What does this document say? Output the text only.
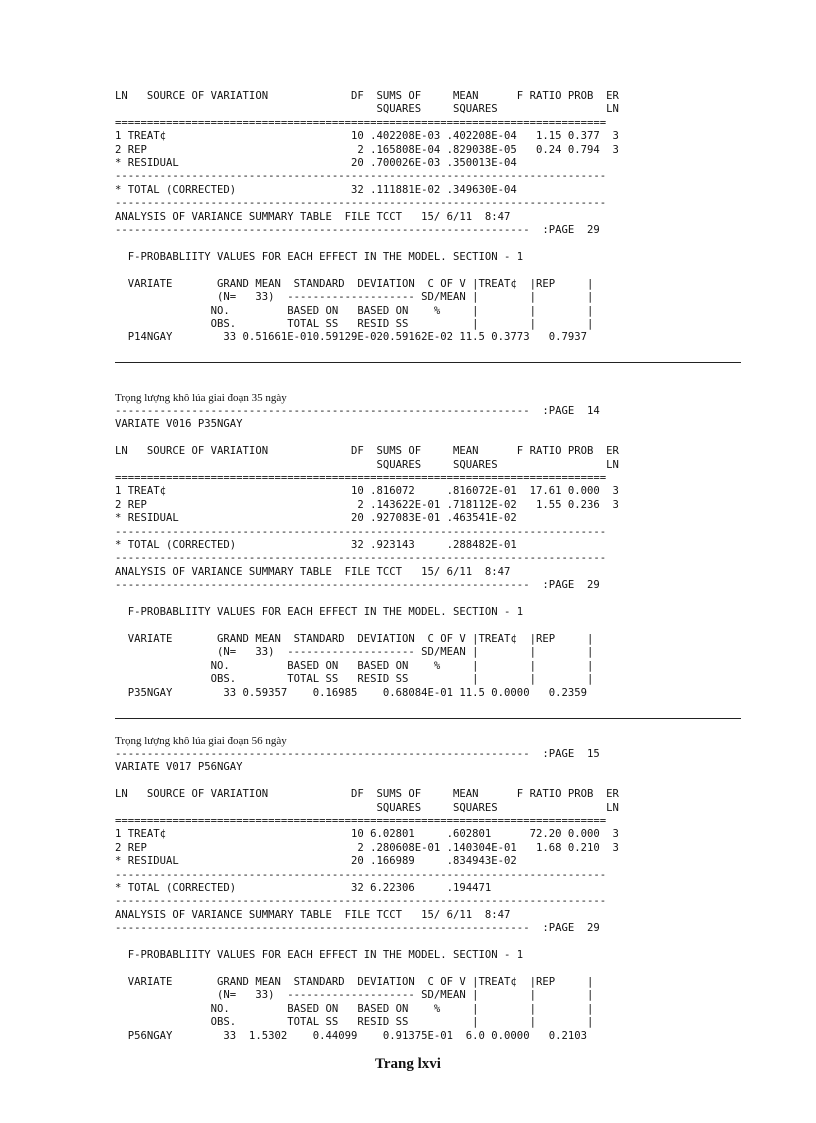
LN   SOURCE OF VARIATION             DF  SUMS OF     MEAN      F RATIO PROB  ER
SQUARES     SQUARES                 LN
=============================================================================
1 TREAT¢                             10 .402208E-03 .402208E-04   1.15 0.377  3
2 REP                                 2 .165808E-04 .829038E-05   0.24 0.794  3
* RESIDUAL                           20 .700026E-03 .350013E-04
-----------------------------------------------------------------------------
* TOTAL (CORRECTED)                  32 .111881E-02 .349630E-04
-----------------------------------------------------------------------------
ANALYSIS OF VARIANCE SUMMARY TABLE  FILE TCCT   15/ 6/11  8:47
-----------------------------------------------------------------  :PAGE  29

F-PROBABLIITY VALUES FOR EACH EFFECT IN THE MODEL. SECTION - 1

VARIATE       GRAND MEAN  STANDARD  DEVIATION  C OF V |TREAT¢  |REP     |
(N=   33)  -------------------- SD/MEAN |        |        |
NO.         BASED ON   BASED ON    %     |        |        |
OBS.        TOTAL SS   RESID SS          |        |        |
P14NGAY        33 0.51661E-010.59129E-020.59162E-02 11.5 0.3773   0.7937
Trọng lượng khô lúa giai đoạn 35 ngày
-----------------------------------------------------------------  :PAGE  14
VARIATE V016 P35NGAY

LN   SOURCE OF VARIATION             DF  SUMS OF     MEAN      F RATIO PROB  ER
SQUARES     SQUARES                 LN
=============================================================================
1 TREAT¢                             10 .816072     .816072E-01  17.61 0.000  3
2 REP                                 2 .143622E-01 .718112E-02   1.55 0.236  3
* RESIDUAL                           20 .927083E-01 .463541E-02
-----------------------------------------------------------------------------
* TOTAL (CORRECTED)                  32 .923143     .288482E-01
-----------------------------------------------------------------------------
ANALYSIS OF VARIANCE SUMMARY TABLE  FILE TCCT   15/ 6/11  8:47
-----------------------------------------------------------------  :PAGE  29

F-PROBABLIITY VALUES FOR EACH EFFECT IN THE MODEL. SECTION - 1

VARIATE       GRAND MEAN  STANDARD  DEVIATION  C OF V |TREAT¢  |REP     |
(N=   33)  -------------------- SD/MEAN |        |        |
NO.         BASED ON   BASED ON    %     |        |        |
OBS.        TOTAL SS   RESID SS          |        |        |
P35NGAY        33 0.59357    0.16985    0.68084E-01 11.5 0.0000   0.2359
Trọng lượng khô lúa giai đoạn 56 ngày
-----------------------------------------------------------------  :PAGE  15
VARIATE V017 P56NGAY

LN   SOURCE OF VARIATION             DF  SUMS OF     MEAN      F RATIO PROB  ER
SQUARES     SQUARES                 LN
=============================================================================
1 TREAT¢                             10 6.02801     .602801      72.20 0.000  3
2 REP                                 2 .280608E-01 .140304E-01   1.68 0.210  3
* RESIDUAL                           20 .166989     .834943E-02
-----------------------------------------------------------------------------
* TOTAL (CORRECTED)                  32 6.22306     .194471
-----------------------------------------------------------------------------
ANALYSIS OF VARIANCE SUMMARY TABLE  FILE TCCT   15/ 6/11  8:47
-----------------------------------------------------------------  :PAGE  29

F-PROBABLIITY VALUES FOR EACH EFFECT IN THE MODEL. SECTION - 1

VARIATE       GRAND MEAN  STANDARD  DEVIATION  C OF V |TREAT¢  |REP     |
(N=   33)  -------------------- SD/MEAN |        |        |
NO.         BASED ON   BASED ON    %     |        |        |
OBS.        TOTAL SS   RESID SS          |        |        |
P56NGAY        33  1.5302    0.44099    0.91375E-01  6.0 0.0000   0.2103
Trang lxvi
